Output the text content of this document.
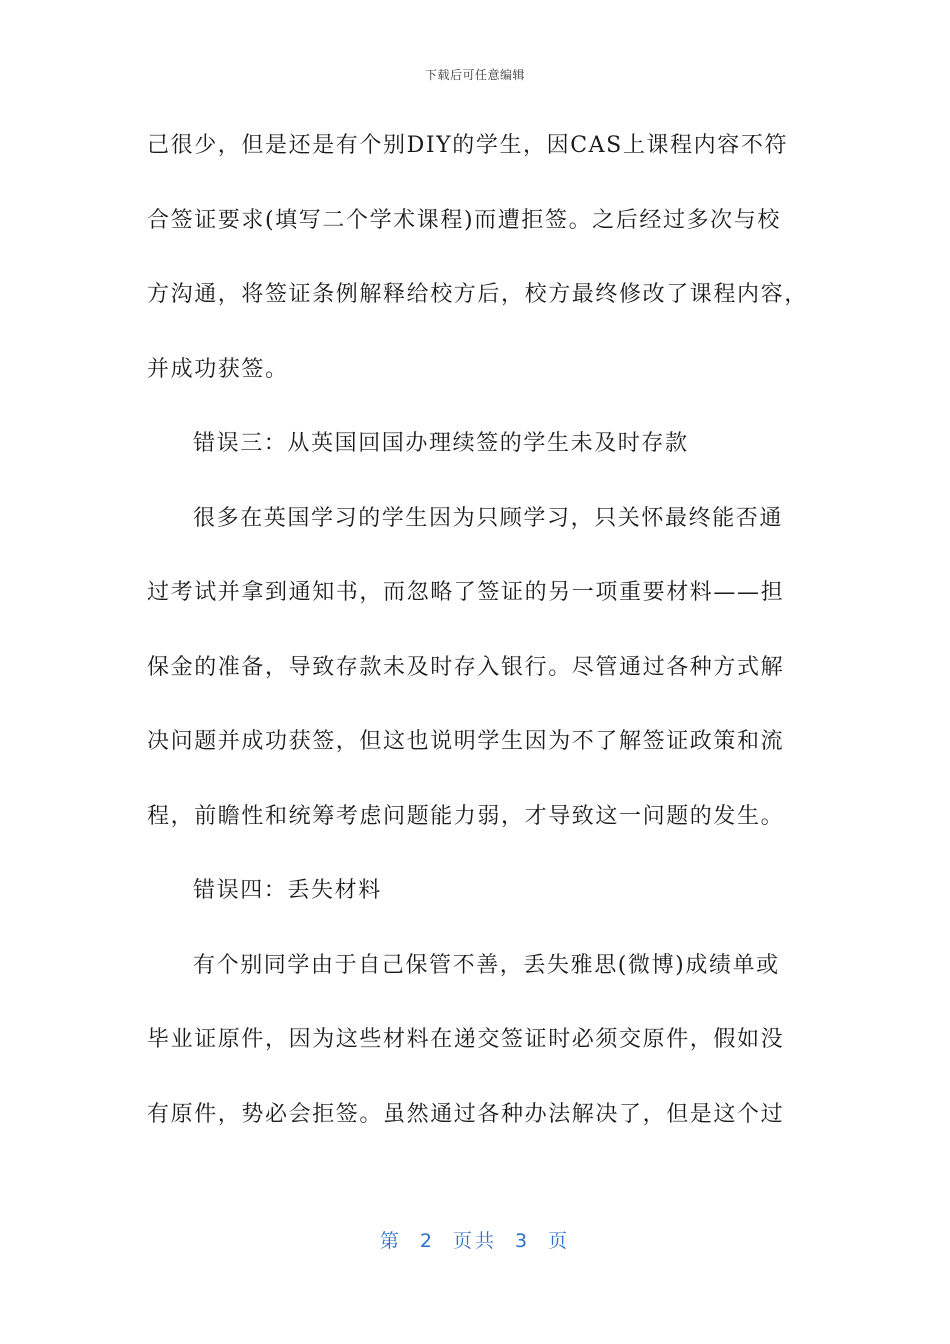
下载后可任意编辑
己很少，但是还是有个别DIY的学生，因CAS上课程内容不符
合签证要求(填写二个学术课程)而遭拒签。之后经过多次与校
方沟通，将签证条例解释给校方后，校方最终修改了课程内容，
并成功获签。
错误三：从英国回国办理续签的学生未及时存款
很多在英国学习的学生因为只顾学习，只关怀最终能否通
过考试并拿到通知书，而忽略了签证的另一项重要材料——担
保金的准备，导致存款未及时存入银行。尽管通过各种方式解
决问题并成功获签，但这也说明学生因为不了解签证政策和流
程，前瞻性和统筹考虑问题能力弱，才导致这一问题的发生。
错误四：丢失材料
有个别同学由于自己保管不善，丢失雅思(微博)成绩单或
毕业证原件，因为这些材料在递交签证时必须交原件，假如没
有原件，势必会拒签。虽然通过各种办法解决了，但是这个过
第 2 页共 3 页
